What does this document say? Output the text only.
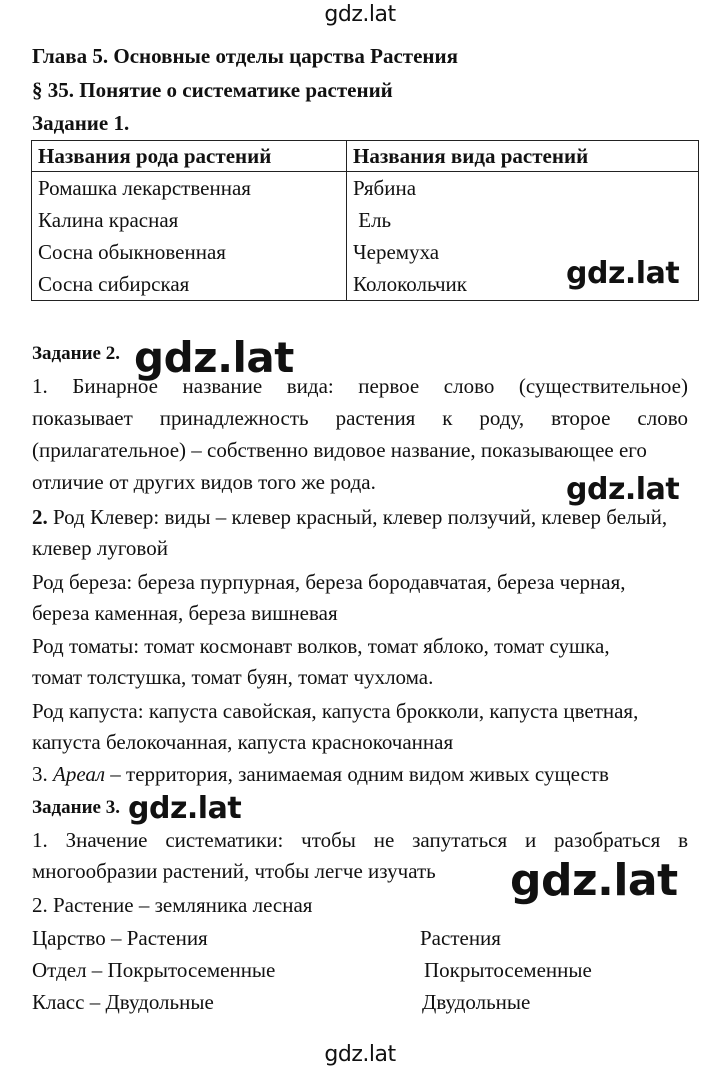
gdz.lat
Глава 5. Основные отделы царства Растения
§ 35. Понятие о систематике растений
Задание 1.
Названия рода растений	Названия вида растений
Ромашка лекарственная	Рябина
Калина красная	Ель
Сосна обыкновенная	Черемуха
Сосна сибирская	Колокольчик	gdz.lat
Задание 2. gdz.lat
1. Бинарное название вида: первое слово (существительное)
показывает принадлежность растения к роду, второе слово
(прилагательное) – собственно видовое название, показывающее его
отличие от других видов того же рода.	gdz.lat
2. Род Клевер: виды – клевер красный, клевер ползучий, клевер белый,
клевер луговой
Род береза: береза пурпурная, береза бородавчатая, береза черная,
береза каменная, береза вишневая
Род томаты: томат космонавт волков, томат яблоко, томат сушка,
томат толстушка, томат буян, томат чухлома.
Род капуста: капуста савойская, капуста брокколи, капуста цветная,
капуста белокочанная, капуста краснокочанная
3. Ареал – территория, занимаемая одним видом живых существ
Задание 3. gdz.lat
1. Значение систематики: чтобы не запутаться и разобраться в
многообразии растений, чтобы легче изучать gdz.lat
2. Растение – земляника лесная
Царство – Растения	Растения
Отдел – Покрытосеменные	Покрытосеменные
Класс – Двудольные	Двудольные
gdz.lat
